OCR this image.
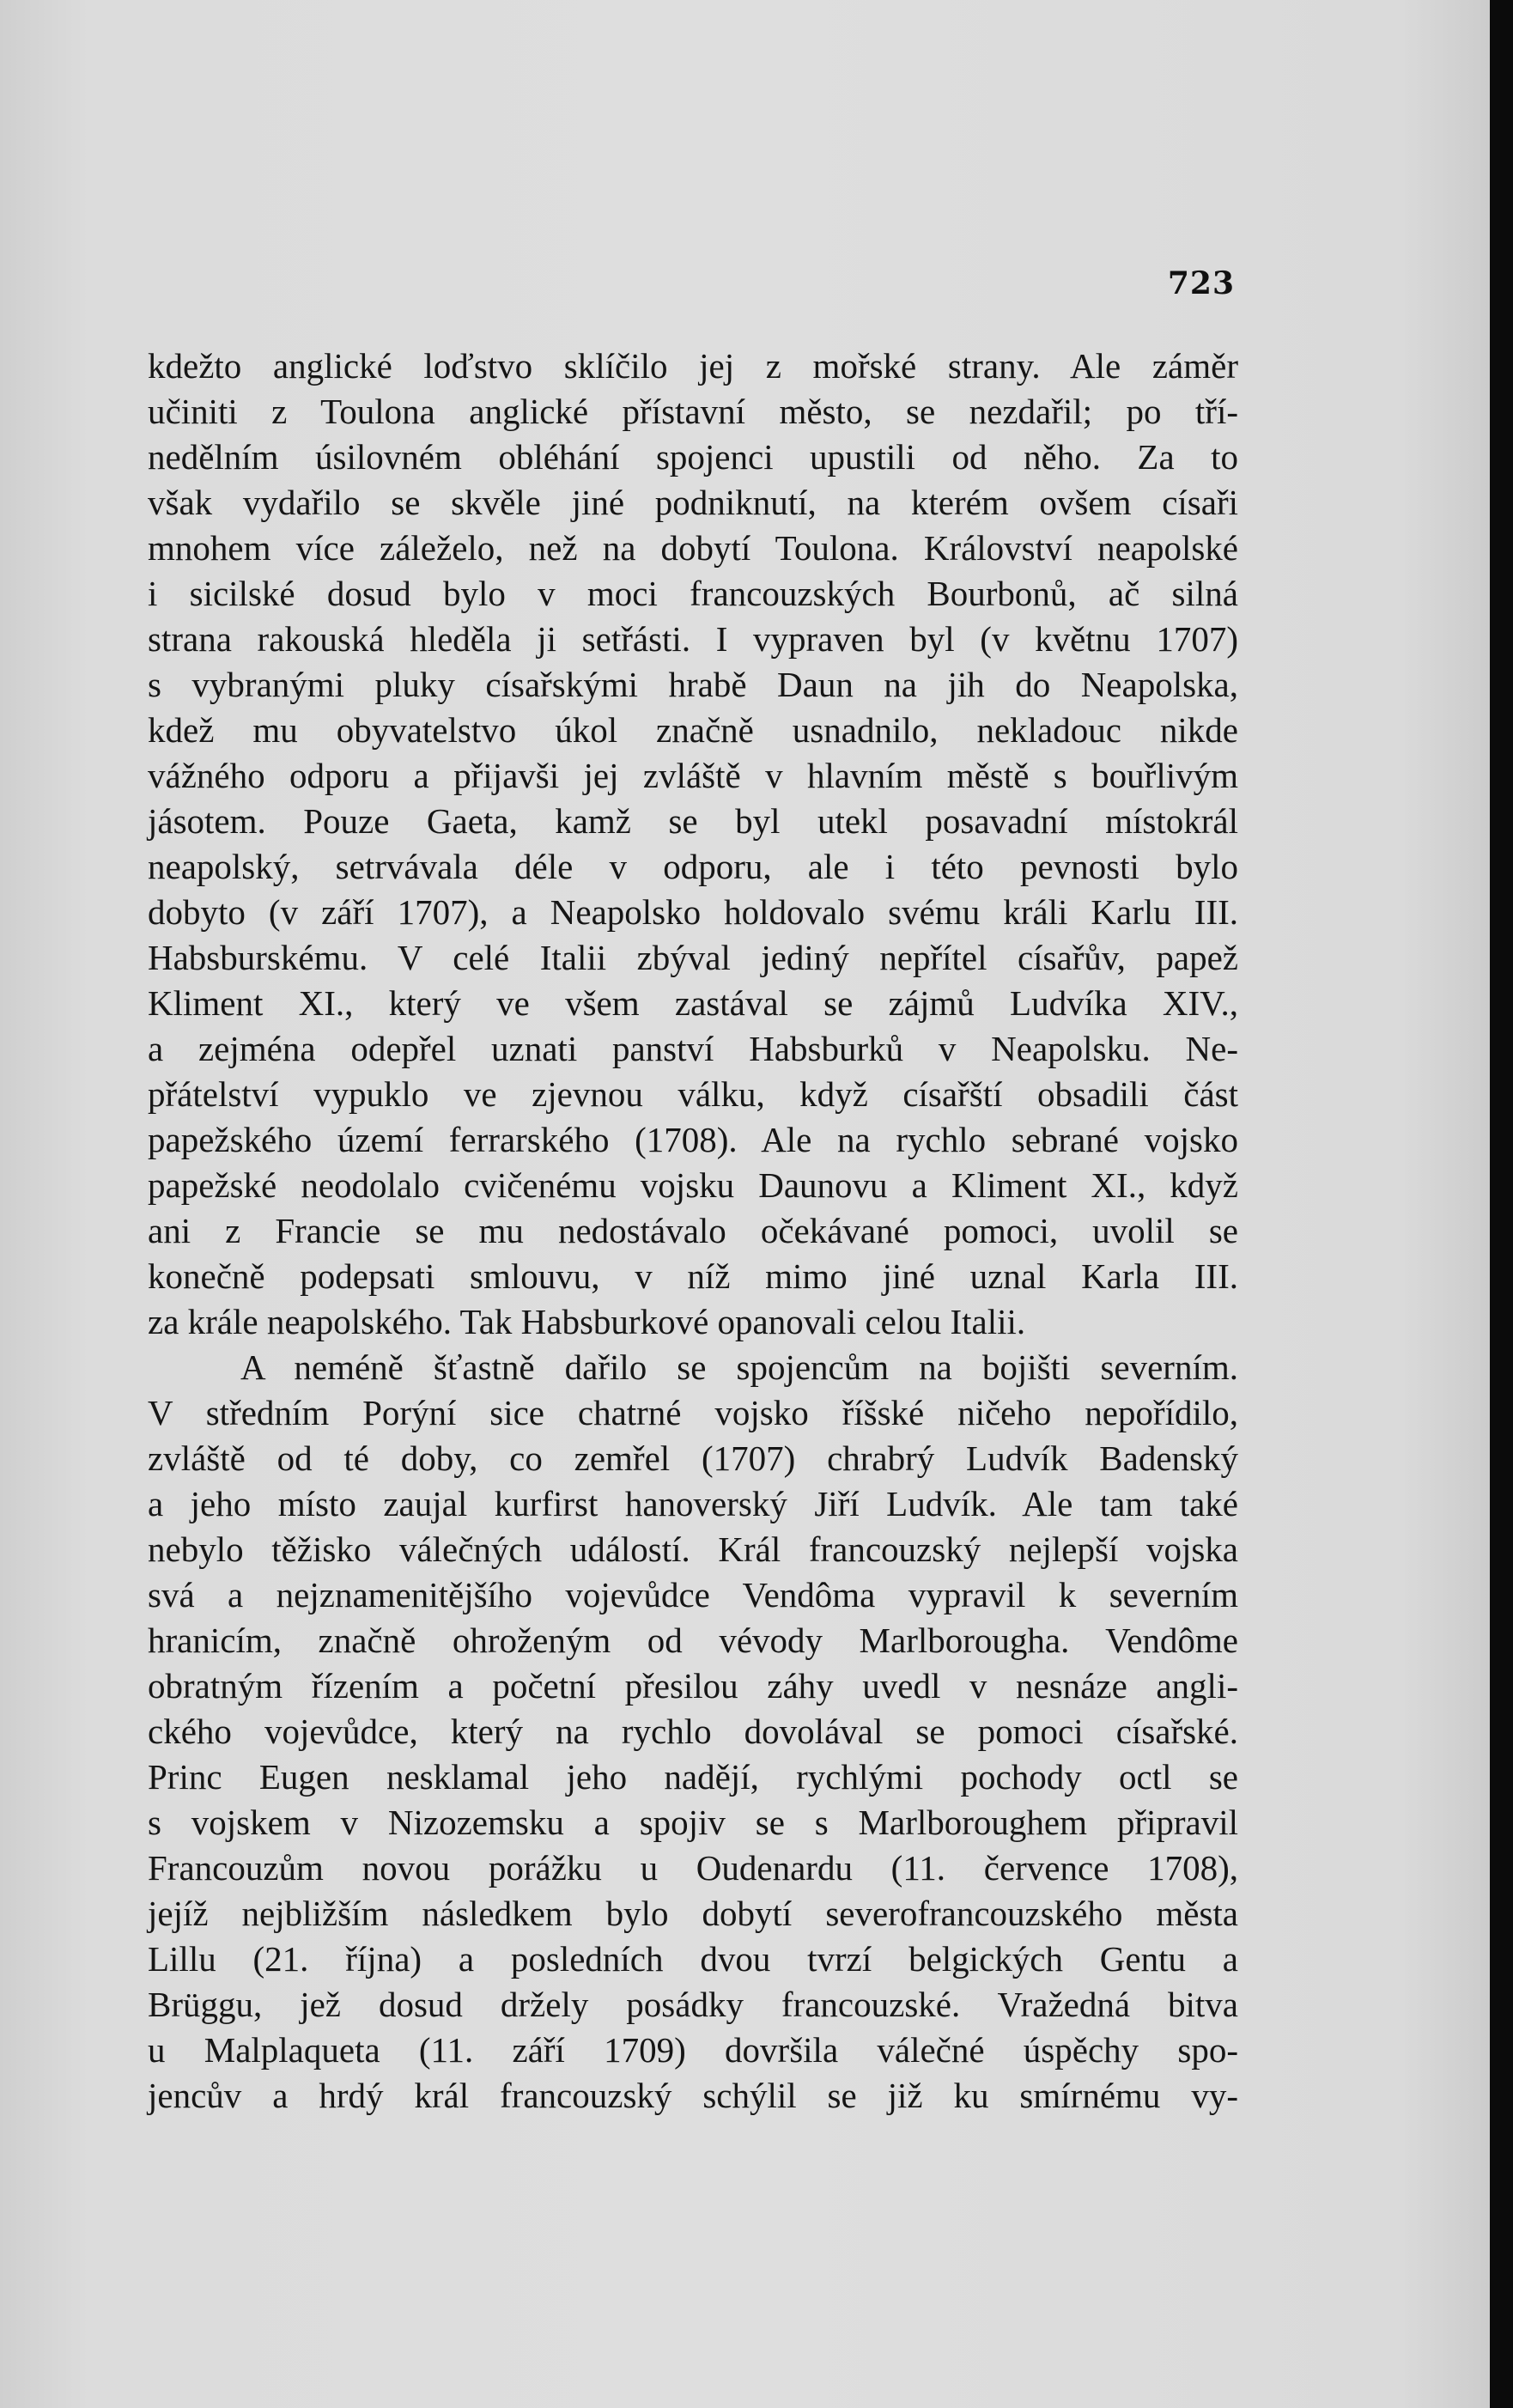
723
kdežto anglické loďstvo sklíčilo jej z mořské strany. Ale záměr
učiniti z Toulona anglické přístavní město, se nezdařil; po tří-
nedělním úsilovném obléhání spojenci upustili od něho. Za to
však vydařilo se skvěle jiné podniknutí, na kterém ovšem císaři
mnohem více záleželo, než na dobytí Toulona. Království neapolské
i sicilské dosud bylo v moci francouzských Bourbonů, ač silná
strana rakouská hleděla ji setřásti. I vypraven byl (v květnu 1707)
s vybranými pluky císařskými hrabě Daun na jih do Neapolska,
kdež mu obyvatelstvo úkol značně usnadnilo, nekladouc nikde
vážného odporu a přijavši jej zvláště v hlavním městě s bouřlivým
jásotem. Pouze Gaeta, kamž se byl utekl posavadní místokrál
neapolský, setrvávala déle v odporu, ale i této pevnosti bylo
dobyto (v září 1707), a Neapolsko holdovalo svému králi Karlu III.
Habsburskému. V celé Italii zbýval jediný nepřítel císařův, papež
Kliment XI., který ve všem zastával se zájmů Ludvíka XIV.,
a zejména odepřel uznati panství Habsburků v Neapolsku. Ne-
přátelství vypuklo ve zjevnou válku, když císařští obsadili část
papežského území ferrarského (1708). Ale na rychlo sebrané vojsko
papežské neodolalo cvičenému vojsku Daunovu a Kliment XI., když
ani z Francie se mu nedostávalo očekávané pomoci, uvolil se
konečně podepsati smlouvu, v níž mimo jiné uznal Karla III.
za krále neapolského. Tak Habsburkové opanovali celou Italii.
A neméně šťastně dařilo se spojencům na bojišti severním.
V středním Porýní sice chatrné vojsko říšské ničeho nepořídilo,
zvláště od té doby, co zemřel (1707) chrabrý Ludvík Badenský
a jeho místo zaujal kurfirst hanoverský Jiří Ludvík. Ale tam také
nebylo těžisko válečných událostí. Král francouzský nejlepší vojska
svá a nejznamenitějšího vojevůdce Vendôma vypravil k severním
hranicím, značně ohroženým od vévody Marlborougha. Vendôme
obratným řízením a početní přesilou záhy uvedl v nesnáze angli-
ckého vojevůdce, který na rychlo dovolával se pomoci císařské.
Princ Eugen nesklamal jeho nadějí, rychlými pochody octl se
s vojskem v Nizozemsku a spojiv se s Marlboroughem připravil
Francouzům novou porážku u Oudenardu (11. července 1708),
jejíž nejbližším následkem bylo dobytí severofrancouzského města
Lillu (21. října) a posledních dvou tvrzí belgických Gentu a
Brüggu, jež dosud držely posádky francouzské. Vražedná bitva
u Malplaqueta (11. září 1709) dovršila válečné úspěchy spo-
jencův a hrdý král francouzský schýlil se již ku smírnému vy-
